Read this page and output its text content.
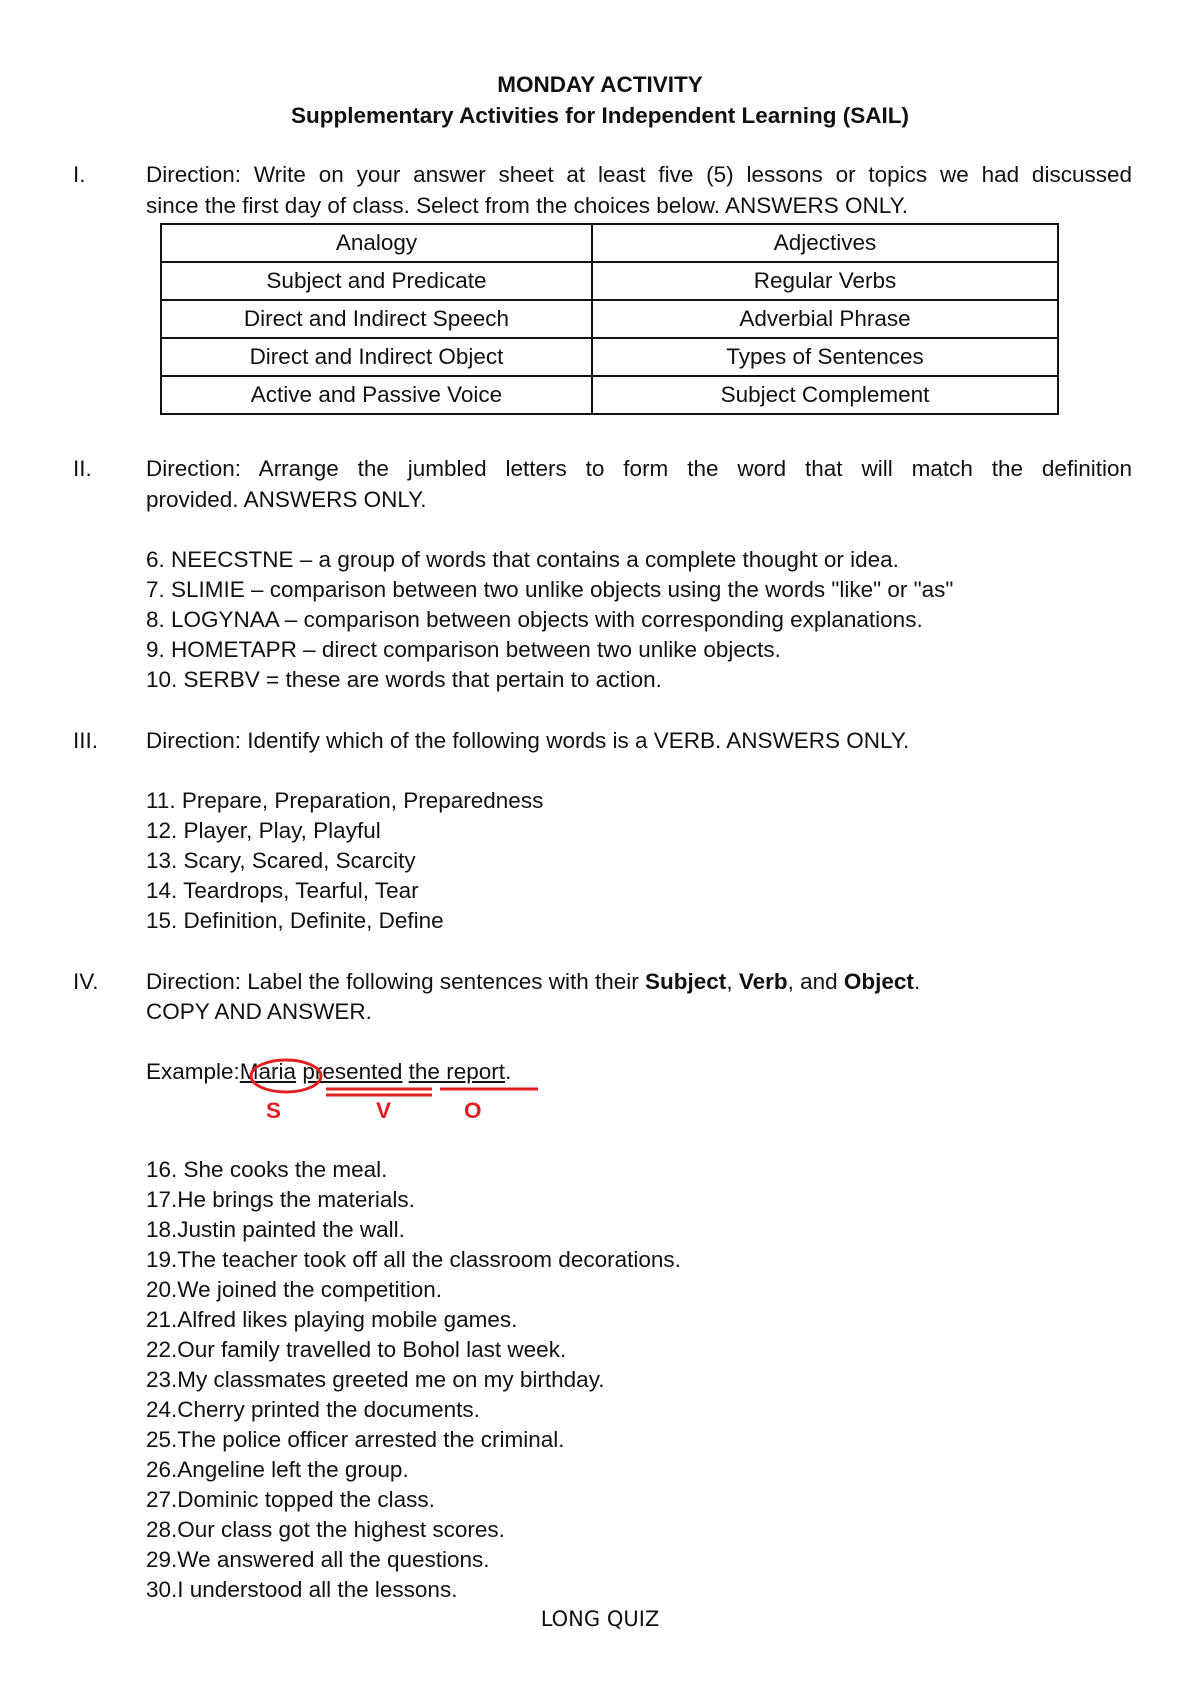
MONDAY ACTIVITY
Supplementary Activities for Independent Learning (SAIL)
I.	Direction: Write on your answer sheet at least five (5) lessons or topics we had discussed
since the first day of class. Select from the choices below. ANSWERS ONLY.
Analogy	Adjectives
Subject and Predicate	Regular Verbs
Direct and Indirect Speech	Adverbial Phrase
Direct and Indirect Object	Types of Sentences
Active and Passive Voice	Subject Complement
II. Direction: Arrange the jumbled letters to form the word that will match the definition
provided. ANSWERS ONLY.
6. NEECSTNE – a group of words that contains a complete thought or idea.
7. SLIMIE – comparison between two unlike objects using the words "like" or "as"
8. LOGYNAA – comparison between objects with corresponding explanations.
9. HOMETAPR – direct comparison between two unlike objects.
10. SERBV = these are words that pertain to action.
III. Direction: Identify which of the following words is a VERB. ANSWERS ONLY.
11. Prepare, Preparation, Preparedness
12. Player, Play, Playful
13. Scary, Scared, Scarcity
14. Teardrops, Tearful, Tear
15. Definition, Definite, Define
IV. Direction: Label the following sentences with their Subject, Verb, and Object.
COPY AND ANSWER.
Example:Maria presented the report.
S	V	O
16. She cooks the meal.
17.He brings the materials.
18.Justin painted the wall.
19.The teacher took off all the classroom decorations.
20.We joined the competition.
21.Alfred likes playing mobile games.
22.Our family travelled to Bohol last week.
23.My classmates greeted me on my birthday.
24.Cherry printed the documents.
25.The police officer arrested the criminal.
26.Angeline left the group.
27.Dominic topped the class.
28.Our class got the highest scores.
29.We answered all the questions.
30.I understood all the lessons.
LONG QUIZ
